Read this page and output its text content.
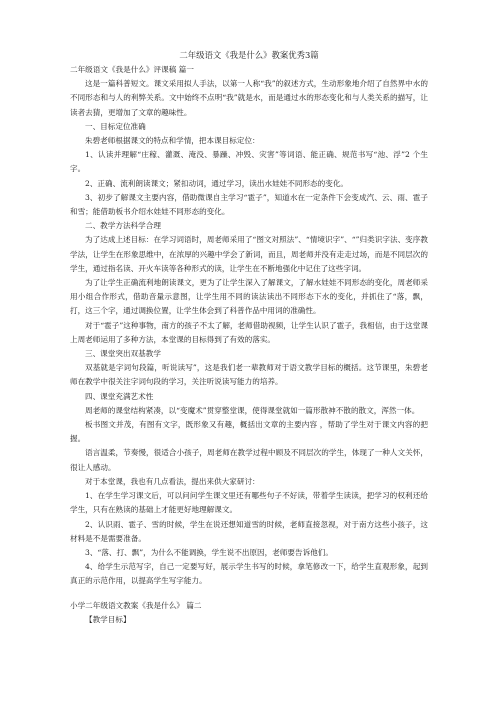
二年级语文《我是什么》教案优秀3篇

二年级语文《我是什么》评课稿 篇一

这是一篇科普短文。课文采用拟人手法，以第一人称“我”的叙述方式，生动形象地介绍了自然界中水的不同形态和与人的利弊关系。文中始终不点明“我”就是水，而是通过水的形态变化和与人类关系的描写，让读者去猜，更增加了文章的趣味性。

一、目标定位准确

朱碧老师根据课文的特点和学情，把本课目标定位：

1、认读并理解“庄稼、灌溉、淹没、暴躁、冲毁、灾害”等词语、能正确、规范书写“池、浮”2 个生字。

2、正确、流利朗读课文；紧扣动词，通过学习，读出水娃娃不同形态的变化。

3、初步了解课文主要内容，借助微课自主学习“雹子”，知道水在一定条件下会变成汽、云、雨、雹子和雪；能借助板书介绍水娃娃不同形态的变化。

二、教学方法科学合理

为了达成上述目标：在学习词语时，周老师采用了“图文对照法”、“情境识字”、“”归类识字法、变序教学法，让学生在形象思维中，在浓厚的兴趣中学会了新词，而且，周老师并没有走走过场，而是不同层次的学生，通过指名读、开火车读等各种形式的读，让学生在不断地强化中记住了这些字词。

为了让学生正确流利地朗读课文，更为了让学生深入了解课文，了解水娃娃不同形态的变化，周老师采用小组合作形式，借助音量示意图，让学生用不同的读法读出不同形态下水的变化，并抓住了“落，飘，打，这三个字，通过调换位置，让学生体会到了科普作品中用词的准确性。

对于“雹子”这种事物，南方的孩子不太了解，老师借助视频，让学生认识了雹子，我相信，由于这堂课上周老师运用了多种方法，本堂课的目标得到了有效的落实。

三、课堂突出双基教学

双基就是字词句段篇，听说读写”，这是我们老一辈教师对于语文教学目标的概括。这节课里，朱碧老师在教学中很关注字词句段的学习，关注听说读写能力的培养。

四、课堂充满艺术性

周老师的课堂结构紧凑，以“变魔术”贯穿整堂课，使得课堂就如一篇形散神不散的散文，浑然一体。

板书图文并茂，有图有文字，既形象又有趣，概括出文章的主要内容 ，帮助了学生对于课文内容的把握。

语言温柔，节奏慢，很适合小孩子，周老师在教学过程中顾及不同层次的学生，体现了一种人文关怀，很让人感动。

对于本堂课，我也有几点看法，提出来供大家研讨：

1、在学生学习课文后，可以问问学生课文里还有哪些句子不好读，带着学生读读，把学习的权利还给学生，只有在熟读的基础上才能更好地理解课文。

2、认识雨、雹子、雪的时候，学生在说还想知道雪的时候，老师直接忽视，对于南方这些小孩子，这材料是不是需要准备。

3、“落、打、飘”，为什么不能调换，学生说不出原因，老师要告诉他们。

4、给学生示范写字，自己一定要写好，展示学生书写的时候，拿笔修改一下，给学生直观形象，起到真正的示范作用，以提高学生写字能力。

小学二年级语文教案《我是什么》 篇二

【教学目标】
